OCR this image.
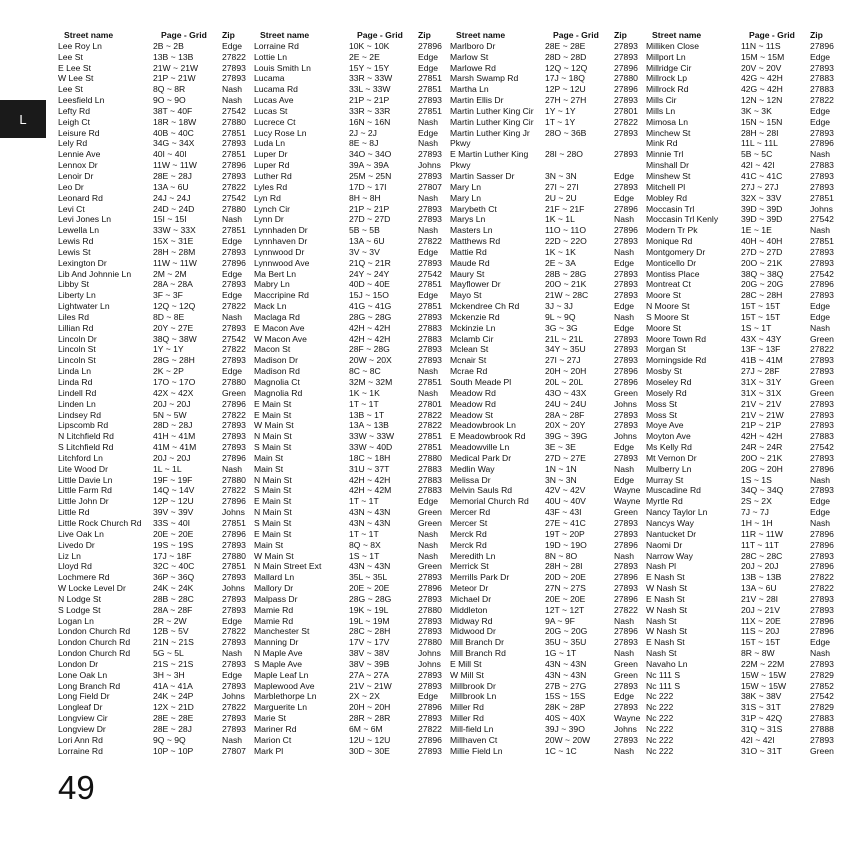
L
Street name	Page - Grid	Zip
Lee Roy Ln	2B ~ 2B	Edge
Lee St	13B ~ 13B	27822
E Lee St	21W ~ 21W	27893
W Lee St	21P ~ 21W	27893
Lee St	8Q ~ 8R	Nash
Leesfield Ln	9O ~ 9O	Nash
Lefty Rd	38T ~ 40F	27542
Leigh Ct	18R ~ 18W	27880
Leisure Rd	40B ~ 40C	27851
Lely Rd	34G ~ 34X	27893
Lennie Ave	40I ~ 40I	27851
Lennox Dr	11W ~ 11W	27896
Lenoir Dr	28E ~ 28J	27893
Leo Dr	13A ~ 6U	27822
Leonard Rd	24J ~ 24J	27542
Levi Ct	24D ~ 24D	27880
Levi Jones Ln	15I ~ 15I	Nash
Lewella Ln	33W ~ 33X	27851
Lewis Rd	15X ~ 31E	Edge
Lewis St	28H ~ 28M	27893
Lexington Dr	11W ~ 11W	27896
Lib And Johnnie Ln	2M ~ 2M	Edge
Libby St	28A ~ 28A	27893
Liberty Ln	3F ~ 3F	Edge
Lightwater Ln	12Q ~ 12Q	27822
Liles Rd	8D ~ 8E	Nash
Lillian Rd	20Y ~ 27E	27893
Lincoln Dr	38Q ~ 38W	27542
Lincoln St	1Y ~ 1Y	27822
Lincoln St	28G ~ 28H	27893
Linda Ln	2K ~ 2P	Edge
Linda Rd	17O ~ 17O	27880
Lindell Rd	42X ~ 42X	Green
Linden Ln	20J ~ 20J	27896
Lindsey Rd	5N ~ 5W	27822
Lipscomb Rd	28D ~ 28J	27893
N Litchfield Rd	41H ~ 41M	27893
S Litchfield Rd	41M ~ 41M	27893
Litchford Ln	20J ~ 20J	27896
Lite Wood Dr	1L ~ 1L	Nash
Little Davie Ln	19F ~ 19F	27880
Little Farm Rd	14Q ~ 14V	27822
Little John Dr	12P ~ 12U	27896
Little Rd	39V ~ 39V	Johns
Little Rock Church Rd	33S ~ 40I	27851
Live Oak Ln	20E ~ 20E	27896
Livedo Dr	19S ~ 19S	27893
Liz Ln	17J ~ 18F	27880
Lloyd Rd	32C ~ 40C	27851
Lochmere Rd	36P ~ 36Q	27893
W Locke Level Dr	24K ~ 24K	Johns
N Lodge St	28B ~ 28C	27893
S Lodge St	28A ~ 28F	27893
Logan Ln	2R ~ 2W	Edge
London Church Rd	12B ~ 5V	27822
London Church Rd	21N ~ 21S	27893
London Church Rd	5G ~ 5L	Nash
London Dr	21S ~ 21S	27893
Lone Oak Ln	3H ~ 3H	Edge
Long Branch Rd	41A ~ 41A	27893
Long Field Dr	24K ~ 24P	Johns
Longleaf Dr	12X ~ 21D	27822
Longview Cir	28E ~ 28E	27893
Longview Dr	28E ~ 28J	27893
Lori Ann Rd	9Q ~ 9Q	Nash
Lorraine Rd	10P ~ 10P	27807
Street name	Page - Grid	Zip
Lorraine Rd	10K ~ 10K	27896
Lottie Ln	2E ~ 2E	Edge
Louis Smith Ln	15Y ~ 15Y	Edge
Lucama	33R ~ 33W	27851
Lucama Rd	33L ~ 33W	27851
Lucas Ave	21P ~ 21P	27893
Lucas St	33R ~ 33R	27851
Lucrece Ct	16N ~ 16N	Nash
Lucy Rose Ln	2J ~ 2J	Edge
Luda Ln	8E ~ 8J	Nash
Luper Dr	34O ~ 34O	27893
Luper Rd	39A ~ 39A	Johns
Luther Rd	25M ~ 25N	27893
Lyles Rd	17D ~ 17I	27807
Lyn Rd	8H ~ 8H	Nash
Lynch Cir	21P ~ 21P	27893
Lynn Dr	27D ~ 27D	27893
Lynnhaden Dr	5B ~ 5B	Nash
Lynnhaven Dr	13A ~ 6U	27822
Lynnwood Dr	3V ~ 3V	Edge
Lynnwood Ave	21Q ~ 21R	27893
Ma Bert Ln	24Y ~ 24Y	27542
Mabry Ln	40D ~ 40E	27851
Maccripine Rd	15J ~ 15O	Edge
Mack Ln	41G ~ 41G	27851
Maclaga Rd	28G ~ 28G	27893
E Macon Ave	42H ~ 42H	27883
W Macon Ave	42H ~ 42H	27883
Macon St	28F ~ 28G	27893
Madison Dr	20W ~ 20X	27893
Madison Rd	8C ~ 8C	Nash
Magnolia Ct	32M ~ 32M	27851
Magnolia Rd	1K ~ 1K	Nash
E Main St	1T ~ 1T	27801
E Main St	13B ~ 1T	27822
W Main St	13A ~ 13B	27822
N Main St	33W ~ 33W	27851
S Main St	33W ~ 40D	27851
Main St	18C ~ 18H	27880
Main St	31U ~ 37T	27883
N Main St	42H ~ 42H	27883
S Main St	42H ~ 42M	27883
E Main St	1T ~ 1T	Edge
N Main St	43N ~ 43N	Green
S Main St	43N ~ 43N	Green
E Main St	1T ~ 1T	Nash
Main St	8Q ~ 8X	Nash
W Main St	1S ~ 1T	Nash
N Main Street Ext	43N ~ 43N	Green
Mallard Ln	35L ~ 35L	27893
Mallory Dr	20E ~ 20E	27896
Malpass Dr	28G ~ 28G	27893
Mamie Rd	19K ~ 19L	27880
Mamie Rd	19L ~ 19M	27893
Manchester St	28C ~ 28H	27893
Manning Dr	17V ~ 17V	27880
N Maple Ave	38V ~ 38V	Johns
S Maple Ave	38V ~ 39B	Johns
Maple Leaf Ln	27A ~ 27A	27893
Maplewood Ave	21V ~ 21W	27893
Marblethorpe Ln	2X ~ 2X	Edge
Marguerite Ln	20H ~ 20H	27896
Marie St	28R ~ 28R	27893
Mariner Rd	6M ~ 6M	27822
Marion Ct	12U ~ 12U	27896
Mark Pl	30D ~ 30E	27893
Street name	Page - Grid	Zip
Marlboro Dr	28E ~ 28E	27893
Marlow St	28D ~ 28D	27893
Marlowe Rd	12Q ~ 12Q	27896
Marsh Swamp Rd	17J ~ 18Q	27880
Martha Ln	12P ~ 12U	27896
Martin Ellis Dr	27H ~ 27H	27893
Martin Luther King Cir	1Y ~ 1Y	27801
Martin Luther King Cir	1T ~ 1Y	27822
Martin Luther King Jr	28O ~ 36B	27893
Pkwy
E Martin Luther King	28I ~ 28O	27893
Pkwy
Martin Sasser Dr	3N ~ 3N	Edge
Mary Ln	27I ~ 27I	27893
Mary Ln	2U ~ 2U	Edge
Marybeth Ct	21F ~ 21F	27896
Marys Ln	1K ~ 1L	Nash
Masters Ln	11O ~ 11O	27896
Matthews Rd	22D ~ 22O	27893
Mattie Rd	1K ~ 1K	Nash
Maude Rd	2E ~ 3A	Edge
Maury St	28B ~ 28G	27893
Mayflower Dr	20O ~ 21K	27893
Mayo St	21W ~ 28C	27893
Mckendree Ch Rd	3J ~ 3J	Edge
Mckenzie Rd	9L ~ 9Q	Nash
Mckinzie Ln	3G ~ 3G	Edge
Mclamb Cir	21L ~ 21L	27893
Mclean St	34Y ~ 35U	27893
Mcnair St	27I ~ 27J	27893
Mcrae Rd	20H ~ 20H	27896
South Meade Pl	20L ~ 20L	27896
Meadow Rd	43O ~ 43X	Green
Meadow Rd	24U ~ 24U	Johns
Meadow St	28A ~ 28F	27893
Meadowbrook Ln	20X ~ 20Y	27893
E Meadowbrook Rd	39G ~ 39G	Johns
Meadowville Ln	3E ~ 3E	Edge
Medical Park Dr	27D ~ 27E	27893
Medlin Way	1N ~ 1N	Nash
Melissa Dr	3N ~ 3N	Edge
Melvin Sauls Rd	42V ~ 42V	Wayne
Memorial Church Rd	40U ~ 40V	Wayne
Mercer Rd	43F ~ 43I	Green
Mercer St	27E ~ 41C	27893
Merck Rd	19T ~ 20P	27893
Merck Rd	19D ~ 19O	27896
Meredith Ln	8N ~ 8O	Nash
Merrick St	28H ~ 28I	27893
Merrills Park Dr	20D ~ 20E	27896
Meteor Dr	27N ~ 27S	27893
Michael Dr	20E ~ 20E	27896
Middleton	12T ~ 12T	27822
Midway Rd	9A ~ 9F	Nash
Midwood Dr	20G ~ 20G	27896
Mill Branch Dr	35U ~ 35U	27893
Mill Branch Rd	1G ~ 1T	Nash
E Mill St	43N ~ 43N	Green
W Mill St	43N ~ 43N	Green
Millbrook Dr	27B ~ 27G	27893
Millbrook Ln	15S ~ 15S	Edge
Miller Rd	28K ~ 28P	27893
Miller Rd	40S ~ 40X	Wayne
Mill-field Ln	39J ~ 39O	Johns
Millhaven Ct	20W ~ 20W	27893
Millie Field Ln	1C ~ 1C	Nash
Street name	Page - Grid	Zip
Milliken Close	11N ~ 11S	27896
Millport Ln	15M ~ 15M	Edge
Millridge Cir	20V ~ 20V	27893
Millrock Lp	42G ~ 42H	27883
Millrock Rd	42G ~ 42H	27883
Mills Cir	12N ~ 12N	27822
Mills Ln	3K ~ 3K	Edge
Mimosa Ln	15N ~ 15N	Edge
Minchew St	28H ~ 28I	27893
Mink Rd	11L ~ 11L	27896
Minnie Trl	5B ~ 5C	Nash
Minshall Dr	42I ~ 42I	27883
Minshew St	41C ~ 41C	27893
Mitchell Pl	27J ~ 27J	27893
Mobley Rd	32X ~ 33V	27851
Moccasin Trl	39D ~ 39D	Johns
Moccasin Trl Kenly	39D ~ 39D	27542
Modern Tr Pk	1E ~ 1E	Nash
Monique Rd	40H ~ 40H	27851
Montgomery Dr	27D ~ 27D	27893
Monticello Dr	20O ~ 21K	27893
Montiss Place	38Q ~ 38Q	27542
Montreat Ct	20G ~ 20G	27896
Moore St	28C ~ 28H	27893
N Moore St	15T ~ 15T	Edge
S Moore St	15T ~ 15T	Edge
Moore St	1S ~ 1T	Nash
Moore Town Rd	43X ~ 43Y	Green
Morgan St	13F ~ 13F	27822
Morningside Rd	41B ~ 41M	27893
Mosby St	27J ~ 28F	27893
Moseley Rd	31X ~ 31Y	Green
Mosely Rd	31X ~ 31X	Green
Moss St	21V ~ 21V	27893
Moss St	21V ~ 21W	27893
Moye Ave	21P ~ 21P	27893
Moyton Ave	42H ~ 42H	27883
Ms Kelly Rd	24R ~ 24R	27542
Mt Vernon Dr	20O ~ 21K	27893
Mulberry Ln	20G ~ 20H	27896
Murray St	1S ~ 1S	Nash
Muscadine Rd	34Q ~ 34Q	27893
Myrtle Rd	2S ~ 2X	Edge
Nancy Taylor Ln	7J ~ 7J	Edge
Nancys Way	1H ~ 1H	Nash
Nantucket Dr	11R ~ 11W	27896
Naomi Dr	11T ~ 11T	27896
Narrow Way	28C ~ 28C	27893
Nash Pl	20J ~ 20J	27896
E Nash St	13B ~ 13B	27822
W Nash St	13A ~ 6U	27822
E Nash St	21V ~ 28I	27893
W Nash St	20J ~ 21V	27893
Nash St	11X ~ 20E	27896
W Nash St	11S ~ 20J	27896
E Nash St	15T ~ 15T	Edge
Nash St	8R ~ 8W	Nash
Navaho Ln	22M ~ 22M	27893
Nc 111 S	15W ~ 15W	27829
Nc 111 S	15W ~ 15W	27852
Nc 222	38K ~ 38V	27542
Nc 222	31S ~ 31T	27829
Nc 222	31P ~ 42Q	27883
Nc 222	31Q ~ 31S	27888
Nc 222	42I ~ 42I	27893
Nc 222	31O ~ 31T	Green
49
